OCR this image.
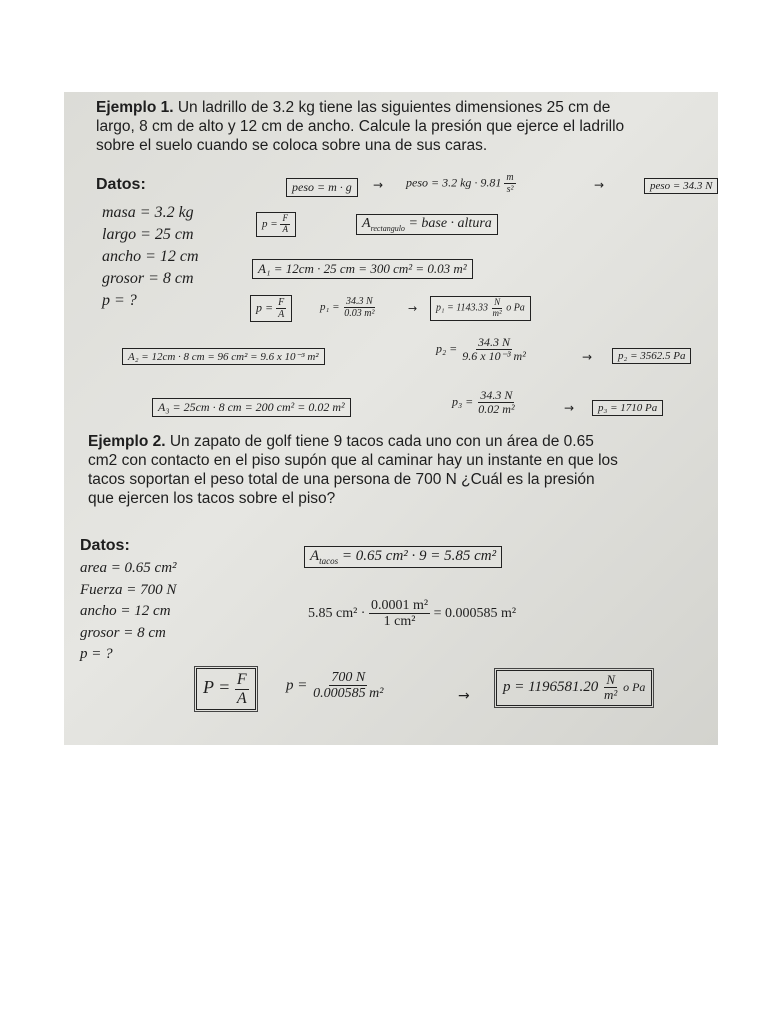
Ejemplo 1. Un ladrillo de 3.2 kg tiene las siguientes dimensiones 25 cm de
largo, 8 cm de alto y 12 cm de ancho. Calcule la presión que ejerce el ladrillo
sobre el suelo cuando se coloca sobre una de sus caras.
Datos:
masa = 3.2 kg
largo = 25 cm
ancho = 12 cm
grosor = 8 cm
p = ?
peso = m · g	→ peso = 3.2 kg · $9.81 \frac{m}{\text{s²}}$	→	peso = 34.3 N
$p = \frac{F}{A}$	$A_{rectangulo}$ = base · altura
A₁ = 12cm · 25 cm = 300 cm² = 0.03 m²
$p = \frac{F}{A}$	$p_1 = \frac{34.3 N}{\text{0.03 m²}}$	→	$p_1 = 1143.33 \frac{N}{\text{m²}}$ o Pa
A₂ = 12cm · 8 cm = 96 cm² = 9.6 x 10⁻³ m²
$p_2 = \frac{34.3 N}{\text{9.6 x 10⁻³ m²}}$	→	p₂ = 3562.5 Pa
A₃ = 25cm · 8 cm = 200 cm² = 0.02 m²	$p_3 = \frac{34.3 N}{\text{0.02 m²}}$	→	p₃ = 1710 Pa
Ejemplo 2. Un zapato de golf tiene 9 tacos cada uno con un área de 0.65
cm2 con contacto en el piso supón que al caminar hay un instante en que los
tacos soportan el peso total de una persona de 700 N ¿Cuál es la presión
que ejercen los tacos sobre el piso?
Datos:
area = 0.65 cm²
Fuerza = 700 N
ancho = 12 cm
grosor = 8 cm
p = ?
$A_{tacos} = 0.65$ cm² · 9 = 5.85 cm²
5.85 $cm^2 \cdot \frac{\text{0.0001 m²}}{\text{1 cm²}} = 0.000585$ m²
$P = \frac{F}{A}$ $p = \frac{700 N}{\text{0.000585 m²}}$	→
$p = 1196581.20 \frac{N}{\text{m²}}$ o Pa
